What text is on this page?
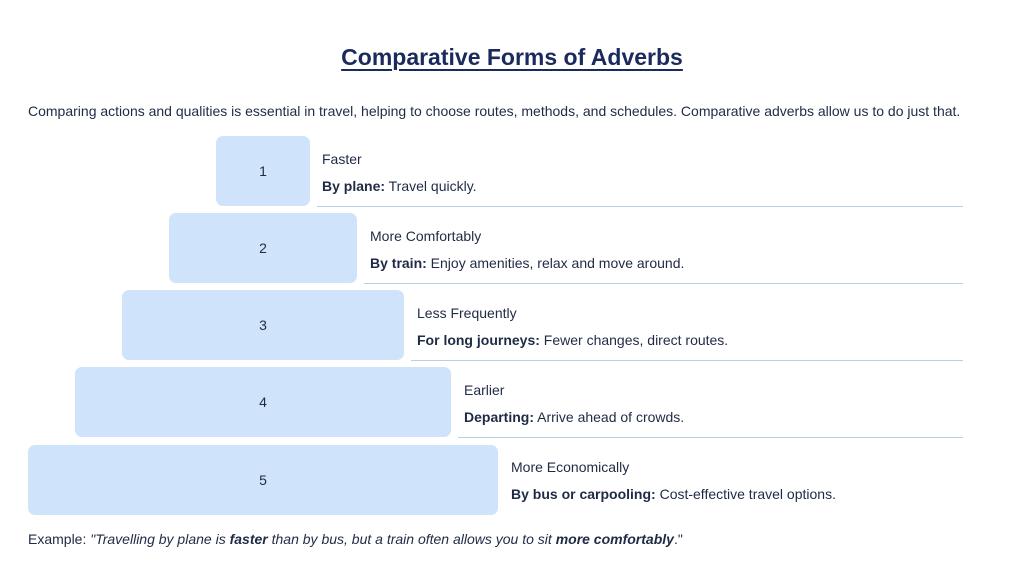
Comparative Forms of Adverbs
Comparing actions and qualities is essential in travel, helping to choose routes, methods, and schedules. Comparative adverbs allow us to do just that.
1
Faster
By plane: Travel quickly.
2
More Comfortably
By train: Enjoy amenities, relax and move around.
3
Less Frequently
For long journeys: Fewer changes, direct routes.
4
Earlier
Departing: Arrive ahead of crowds.
5
More Economically
By bus or carpooling: Cost-effective travel options.
Example: "Travelling by plane is faster than by bus, but a train often allows you to sit more comfortably."
